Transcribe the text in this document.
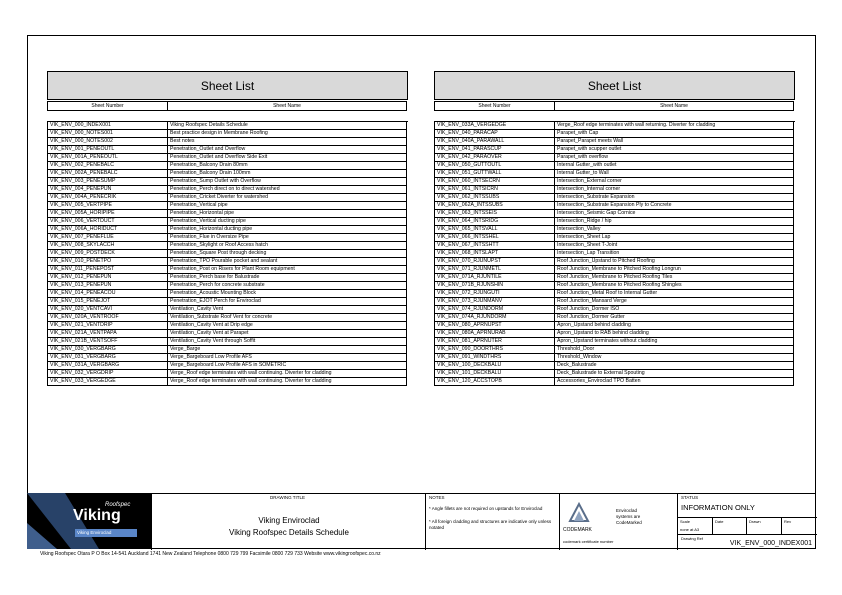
Sheet List
Sheet Number	Sheet Name
VIK_ENV_000_INDEX001	Viking Roofspec Details Schedule
VIK_ENV_000_NOTES001	Best practice design in Membrane Roofing
VIK_ENV_000_NOTES002	Best notes
VIK_ENV_001_PENEOUTL	Penetration_Outlet and Overflow
VIK_ENV_001A_PENEOUTL	Penetration_Outlet and Overflow Side Exit
VIK_ENV_002_PENEBALC	Penetration_Balcony Drain 80mm
VIK_ENV_002A_PENEBALC	Penetration_Balcony Drain 100mm
VIK_ENV_003_PENESUMP	Penetration_Sump Outlet with Overflow
VIK_ENV_004_PENEPUN	Penetration_Perch direct on to direct watershed
VIK_ENV_004A_PENECRIK	Penetration_Cricket Diverter for watershed
VIK_ENV_005_VERTPIPE	Penetration_Vertical pipe
VIK_ENV_005A_HORIPIPE	Penetration_Horizontal pipe
VIK_ENV_006_VERTDUCT	Penetration_Vertical ducting pipe
VIK_ENV_006A_HORIDUCT	Penetration_Horizontal ducting pipe
VIK_ENV_007_PENEFLUE	Penetration_Flue in Oversize Pipe
VIK_ENV_008_SKYLACCH	Penetration_Skylight or Roof Access hatch
VIK_ENV_009_POSTDECK	Penetration_Square Post through decking
VIK_ENV_010_PENETPO	Penetration_TPO Pourable pocket and sealant
VIK_ENV_011_PENEPOST	Penetration_Post on Risers for Plant Room equipment
VIK_ENV_012_PENEPUN	Penetration_Perch base for Balustrade
VIK_ENV_013_PENEPUN	Penetration_Perch for concrete substrate
VIK_ENV_014_PENEACOU	Penetration_Acoustic Mounting Block
VIK_ENV_015_PENEJOT	Penetration_EJOT Perch for Enviroclad
VIK_ENV_020_VENTCAVI	Ventilation_Cavity Vent
VIK_ENV_020A_VENTROOF	Ventilation_Substrate Roof Vent for concrete
VIK_ENV_021_VENTDRIP	Ventilation_Cavity Vent at Drip edge
VIK_ENV_021A_VENTPAPA	Ventilation_Cavity Vent at Parapet
VIK_ENV_021B_VENTSOFF	Ventilation_Cavity Vent through Soffit
VIK_ENV_030_VERGBARG	Verge_Barge
VIK_ENV_031_VERGBARG	Verge_Bargeboard Low Profile AFS
VIK_ENV_031A_VERGBARG	Verge_Bargeboard Low Profile AFS in SOMETRIC
VIK_ENV_032_VERGDRIP	Verge_Roof edge terminates with wall continuing. Diverter for cladding
VIK_ENV_033_VERGEDGE	Verge_Roof edge terminates with wall continuing. Diverter for cladding
Sheet List
Sheet Number	Sheet Name
VIK_ENV_033A_VERGEDGE	Verge_Roof edge terminates with wall returning. Diverter for cladding
VIK_ENV_040_PARACAP	Parapet_with Cap
VIK_ENV_040A_PARAWALL	Parapet_Parapet meets Wall
VIK_ENV_041_PARASCUP	Parapet_with scupper outlet
VIK_ENV_042_PARAOVER	Parapet_with overflow
VIK_ENV_050_GUTTOUTL	Internal Gutter_with outlet
VIK_ENV_051_GUTTWALL	Internal Gutter_to Wall
VIK_ENV_060_INTSECRN	Intersection_External corner
VIK_ENV_061_INTSICRN	Intersection_Internal corner
VIK_ENV_062_INTSSUBS	Intersection_Substrate Expansion
VIK_ENV_062A_INTSSUBS	Intersection_Substrate Expansion Ply to Concrete
VIK_ENV_063_INTSSEIS	Intersection_Seismic Gap Cornice
VIK_ENV_064_INTSRIDG	Intersection_Ridge / hip
VIK_ENV_065_INTSVALL	Intersection_Valley
VIK_ENV_066_INTSSHEL	Intersection_Sheet Lap
VIK_ENV_067_INTSSHTT	Intersection_Sheet T-Joint
VIK_ENV_068_INTSLAPT	Intersection_Lap Transition
VIK_ENV_070_RJUNUPST	Roof Junction_Upstand to Pitched Roofing
VIK_ENV_071_RJUNMETL	Roof Junction_Membrane to Pitched Roofing Longrun
VIK_ENV_071A_RJUNTILE	Roof Junction_Membrane to Pitched Roofing Tiles
VIK_ENV_071B_RJUNSHIN	Roof Junction_Membrane to Pitched Roofing Shingles
VIK_ENV_072_RJUNGUTI	Roof Junction_Metal Roof to Internal Gutter
VIK_ENV_073_RJUNMANV	Roof Junction_Mansard Verge
VIK_ENV_074_RJUNDORM	Roof Junction_Dormer ISO
VIK_ENV_074A_RJUNDORM	Roof Junction_Dormer Gutter
VIK_ENV_080_APRNUPST	Apron_Upstand behind cladding
VIK_ENV_080A_APRNURAB	Apron_Upstand to RAB behind cladding
VIK_ENV_081_APRNUTER	Apron_Upstand terminates without cladding
VIK_ENV_090_DOORTHRS	Threshold_Door
VIK_ENV_091_WINDTHRS	Threshold_Window
VIK_ENV_100_DECKBALU	Deck_Balustrade
VIK_ENV_101_DECKBALU	Deck_Balustrade to External Spouting
VIK_ENV_120_ACCSTOPB	Accessories_Enviroclad TPO Batten
DRAWING TITLE
Viking Enviroclad
Viking Roofspec Details Schedule
NOTES
* Angle fillets are not required on upstands for Enviroclad
* All foreign cladding and structures are indicative only unless notated	CODEMARK
Enviroclad
systems are
CodeMarked
codemark certificate number
STATUS
INFORMATION ONLY
Scale
none at A3
Date	Drawn	Rev
Drawing Ref
VIK_ENV_000_INDEX001
Roofspec
Viking
Viking Enviroclad
Viking Roofspec Otara P O Box 14-541 Auckland 1741 New Zealand Telephone 0800 729 799 Facsimile 0800 729 733 Website www.vikingroofspec.co.nz
